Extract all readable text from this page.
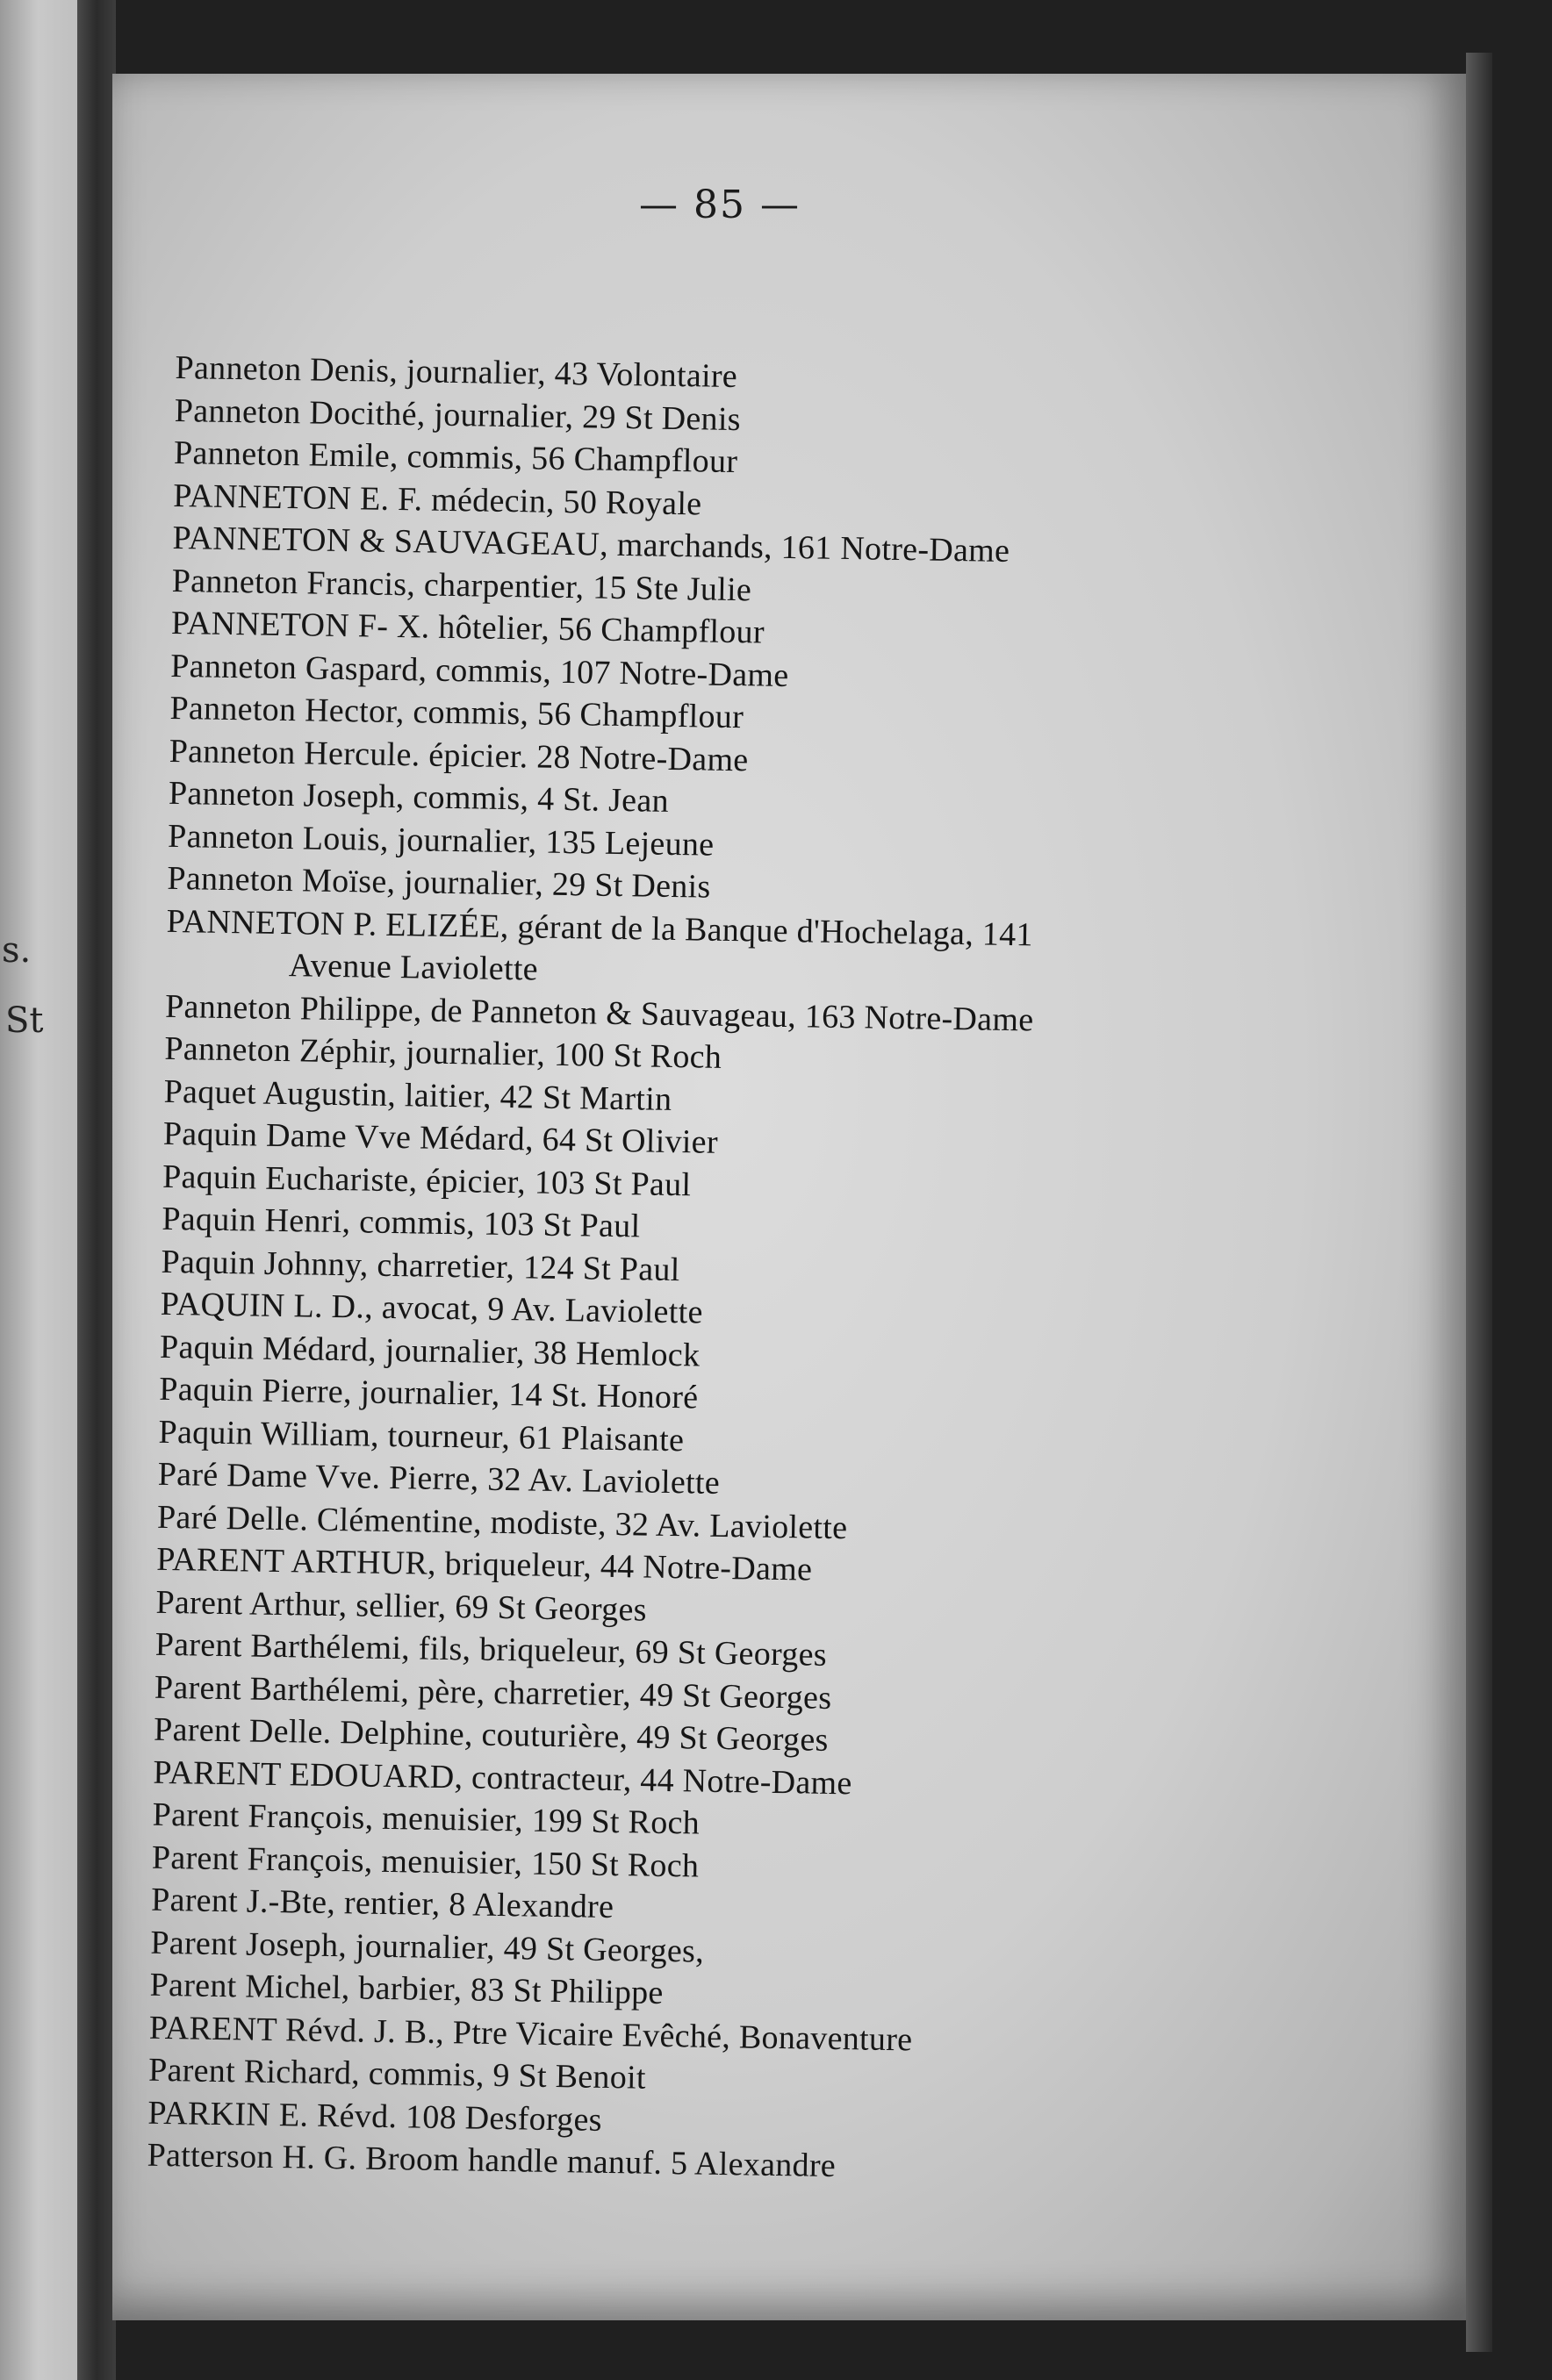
s.
St
— 85 —
Panneton Denis, journalier, 43 Volontaire
Panneton Docithé, journalier, 29 St Denis
Panneton Emile, commis, 56 Champflour
PANNETON E. F. médecin, 50 Royale
PANNETON & SAUVAGEAU, marchands, 161 Notre-Dame
Panneton Francis, charpentier, 15 Ste Julie
PANNETON F- X. hôtelier, 56 Champflour
Panneton Gaspard, commis, 107 Notre-Dame
Panneton Hector, commis, 56 Champflour
Panneton Hercule. épicier. 28 Notre-Dame
Panneton Joseph, commis, 4 St. Jean
Panneton Louis, journalier, 135 Lejeune
Panneton Moïse, journalier, 29 St Denis
PANNETON P. ELIZÉE, gérant de la Banque d'Hochelaga, 141
Avenue Laviolette
Panneton Philippe, de Panneton & Sauvageau, 163 Notre-Dame
Panneton Zéphir, journalier, 100 St Roch
Paquet Augustin, laitier, 42 St Martin
Paquin Dame Vve Médard, 64 St Olivier
Paquin Euchariste, épicier, 103 St Paul
Paquin Henri, commis, 103 St Paul
Paquin Johnny, charretier, 124 St Paul
PAQUIN L. D., avocat, 9 Av. Laviolette
Paquin Médard, journalier, 38 Hemlock
Paquin Pierre, journalier, 14 St. Honoré
Paquin William, tourneur, 61 Plaisante
Paré Dame Vve. Pierre, 32 Av. Laviolette
Paré Delle. Clémentine, modiste, 32 Av. Laviolette
PARENT ARTHUR, briqueleur, 44 Notre-Dame
Parent Arthur, sellier, 69 St Georges
Parent Barthélemi, fils, briqueleur, 69 St Georges
Parent Barthélemi, père, charretier, 49 St Georges
Parent Delle. Delphine, couturière, 49 St Georges
PARENT EDOUARD, contracteur, 44 Notre-Dame
Parent François, menuisier, 199 St Roch
Parent François, menuisier, 150 St Roch
Parent J.-Bte, rentier, 8 Alexandre
Parent Joseph, journalier, 49 St Georges,
Parent Michel, barbier, 83 St Philippe
PARENT Révd. J. B., Ptre Vicaire Evêché, Bonaventure
Parent Richard, commis, 9 St Benoit
PARKIN E. Révd. 108 Desforges
Patterson H. G. Broom handle manuf. 5 Alexandre
